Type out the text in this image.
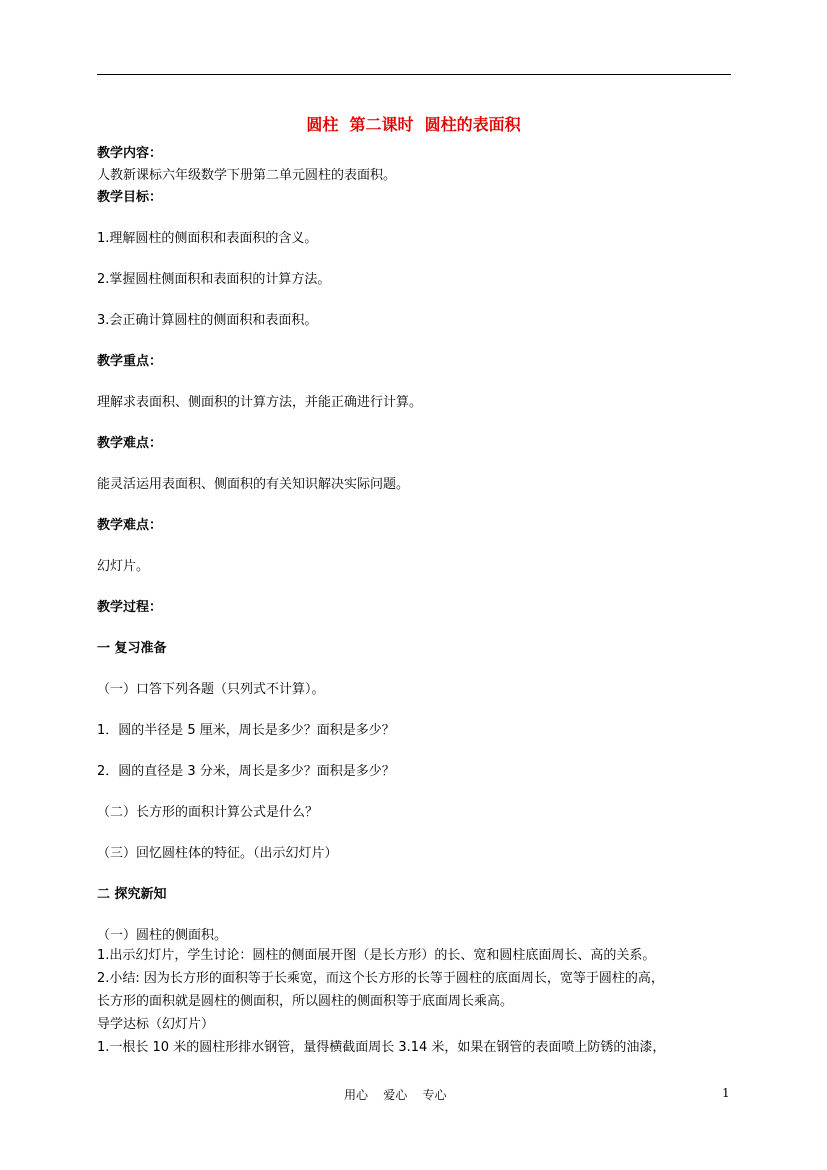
圆柱  第二课时  圆柱的表面积
教学内容：
人教新课标六年级数学下册第二单元圆柱的表面积。
教学目标：
1.理解圆柱的侧面积和表面积的含义。
2.掌握圆柱侧面积和表面积的计算方法。
3.会正确计算圆柱的侧面积和表面积。
教学重点：
理解求表面积、侧面积的计算方法，并能正确进行计算。
教学难点：
能灵活运用表面积、侧面积的有关知识解决实际问题。
教学难点：
幻灯片。
教学过程：
一 复习准备
（一）口答下列各题（只列式不计算）。
1．圆的半径是 5 厘米，周长是多少？面积是多少？
2．圆的直径是 3 分米，周长是多少？面积是多少？
（二）长方形的面积计算公式是什么？
（三）回忆圆柱体的特征。（出示幻灯片）
二 探究新知
（一）圆柱的侧面积。
1.出示幻灯片，学生讨论：圆柱的侧面展开图（是长方形）的长、宽和圆柱底面周长、高的关系。
2.小结: 因为长方形的面积等于长乘宽，而这个长方形的长等于圆柱的底面周长，宽等于圆柱的高，
长方形的面积就是圆柱的侧面积，所以圆柱的侧面积等于底面周长乘高。
导学达标（幻灯片）
1.一根长 10 米的圆柱形排水钢管，量得横截面周长 3.14 米，如果在钢管的表面喷上防锈的油漆，
用心    爱心    专心	1
